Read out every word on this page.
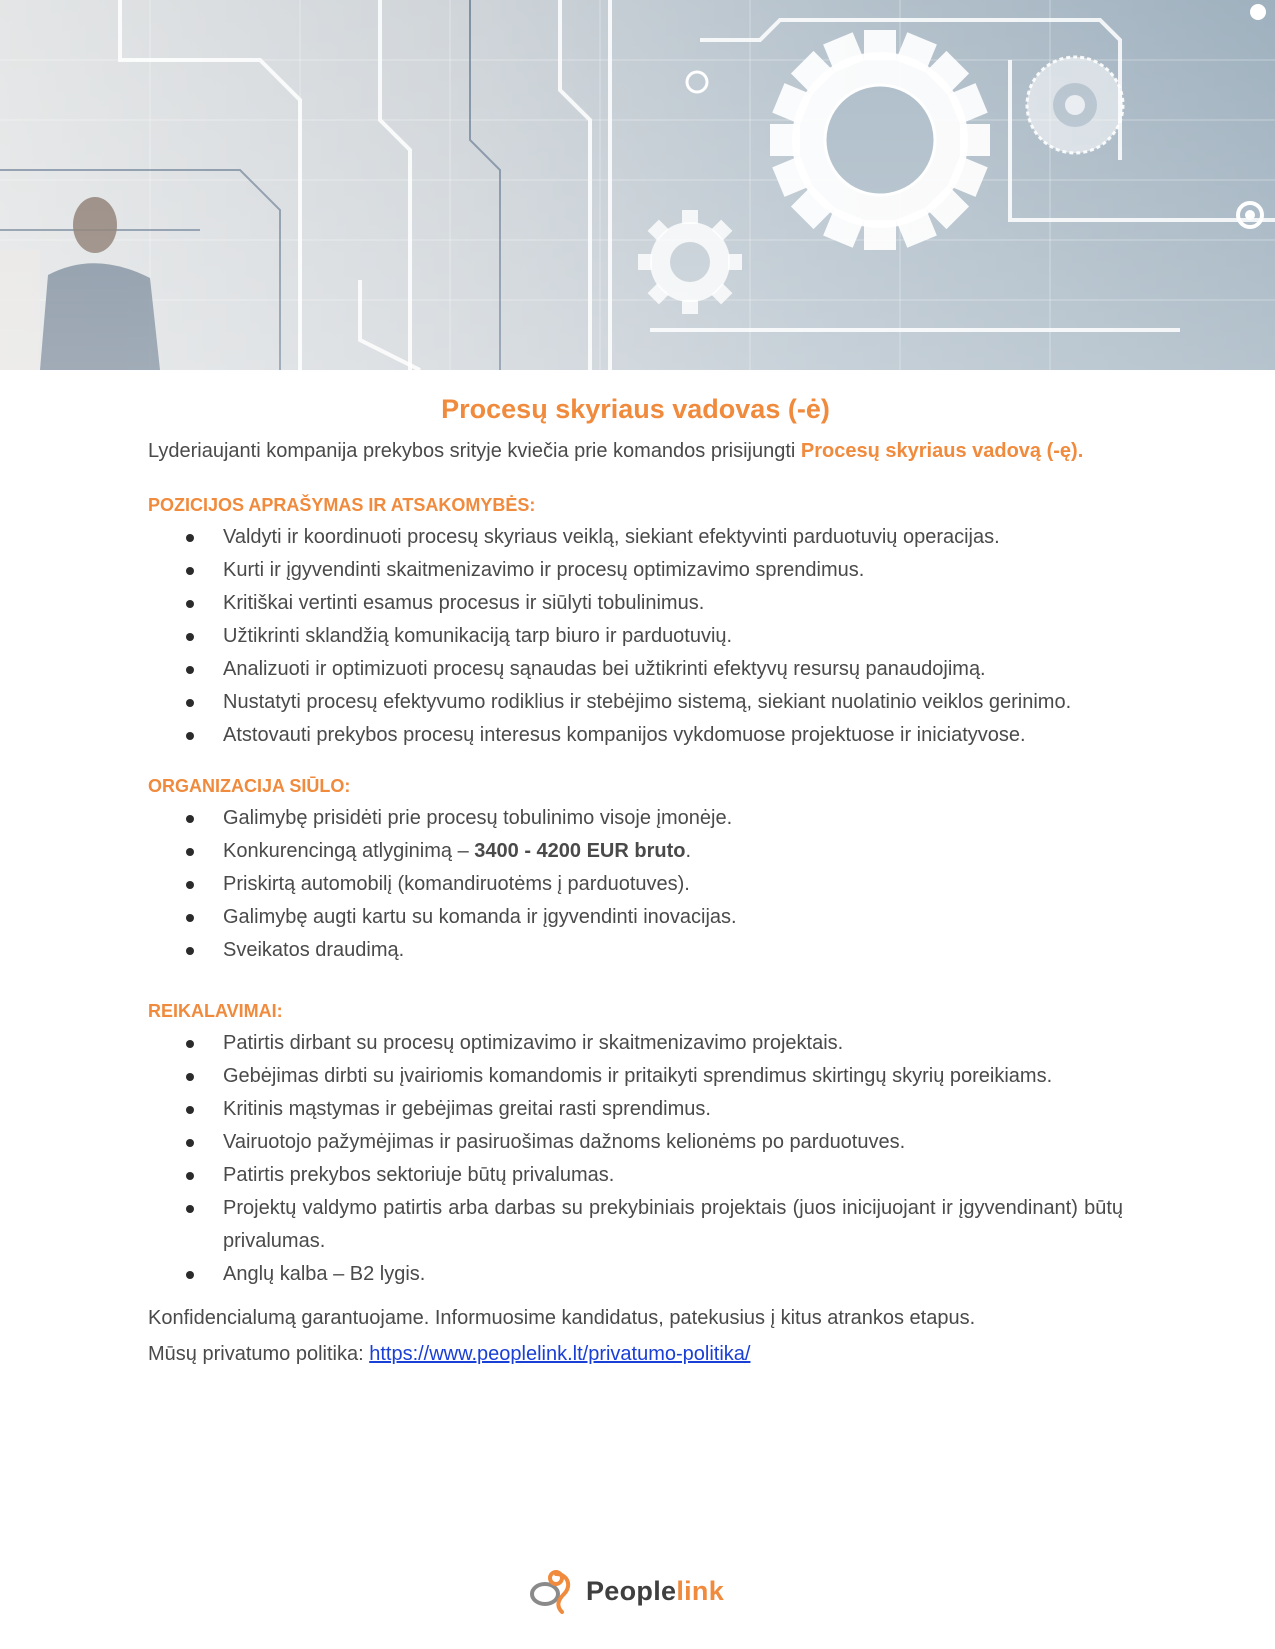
Procesų skyriaus vadovas (-ė)

Lyderiaujanti kompanija prekybos srityje kviečia prie komandos prisijungti Procesų skyriaus vadovą (-ę).

POZICIJOS APRAŠYMAS IR ATSAKOMYBĖS:
Valdyti ir koordinuoti procesų skyriaus veiklą, siekiant efektyvinti parduotuvių operacijas.
Kurti ir įgyvendinti skaitmenizavimo ir procesų optimizavimo sprendimus.
Kritiškai vertinti esamus procesus ir siūlyti tobulinimus.
Užtikrinti sklandžią komunikaciją tarp biuro ir parduotuvių.
Analizuoti ir optimizuoti procesų sąnaudas bei užtikrinti efektyvų resursų panaudojimą.
Nustatyti procesų efektyvumo rodiklius ir stebėjimo sistemą, siekiant nuolatinio veiklos gerinimo.
Atstovauti prekybos procesų interesus kompanijos vykdomuose projektuose ir iniciatyvose.
ORGANIZACIJA SIŪLO:
Galimybę prisidėti prie procesų tobulinimo visoje įmonėje.
Konkurencingą atlyginimą – 3400 - 4200 EUR bruto.
Priskirtą automobilį (komandiruotėms į parduotuves).
Galimybę augti kartu su komanda ir įgyvendinti inovacijas.
Sveikatos draudimą.
REIKALAVIMAI:
Patirtis dirbant su procesų optimizavimo ir skaitmenizavimo projektais.
Gebėjimas dirbti su įvairiomis komandomis ir pritaikyti sprendimus skirtingų skyrių poreikiams.
Kritinis mąstymas ir gebėjimas greitai rasti sprendimus.
Vairuotojo pažymėjimas ir pasiruošimas dažnoms kelionėms po parduotuves.
Patirtis prekybos sektoriuje būtų privalumas.
Projektų valdymo patirtis arba darbas su prekybiniais projektais (juos inicijuojant ir įgyvendinant) būtų privalumas.
Anglų kalba – B2 lygis.

Konfidencialumą garantuojame. Informuosime kandidatus, patekusius į kitus atrankos etapus.

Mūsų privatumo politika: https://www.peoplelink.lt/privatumo-politika/

Peoplelink
